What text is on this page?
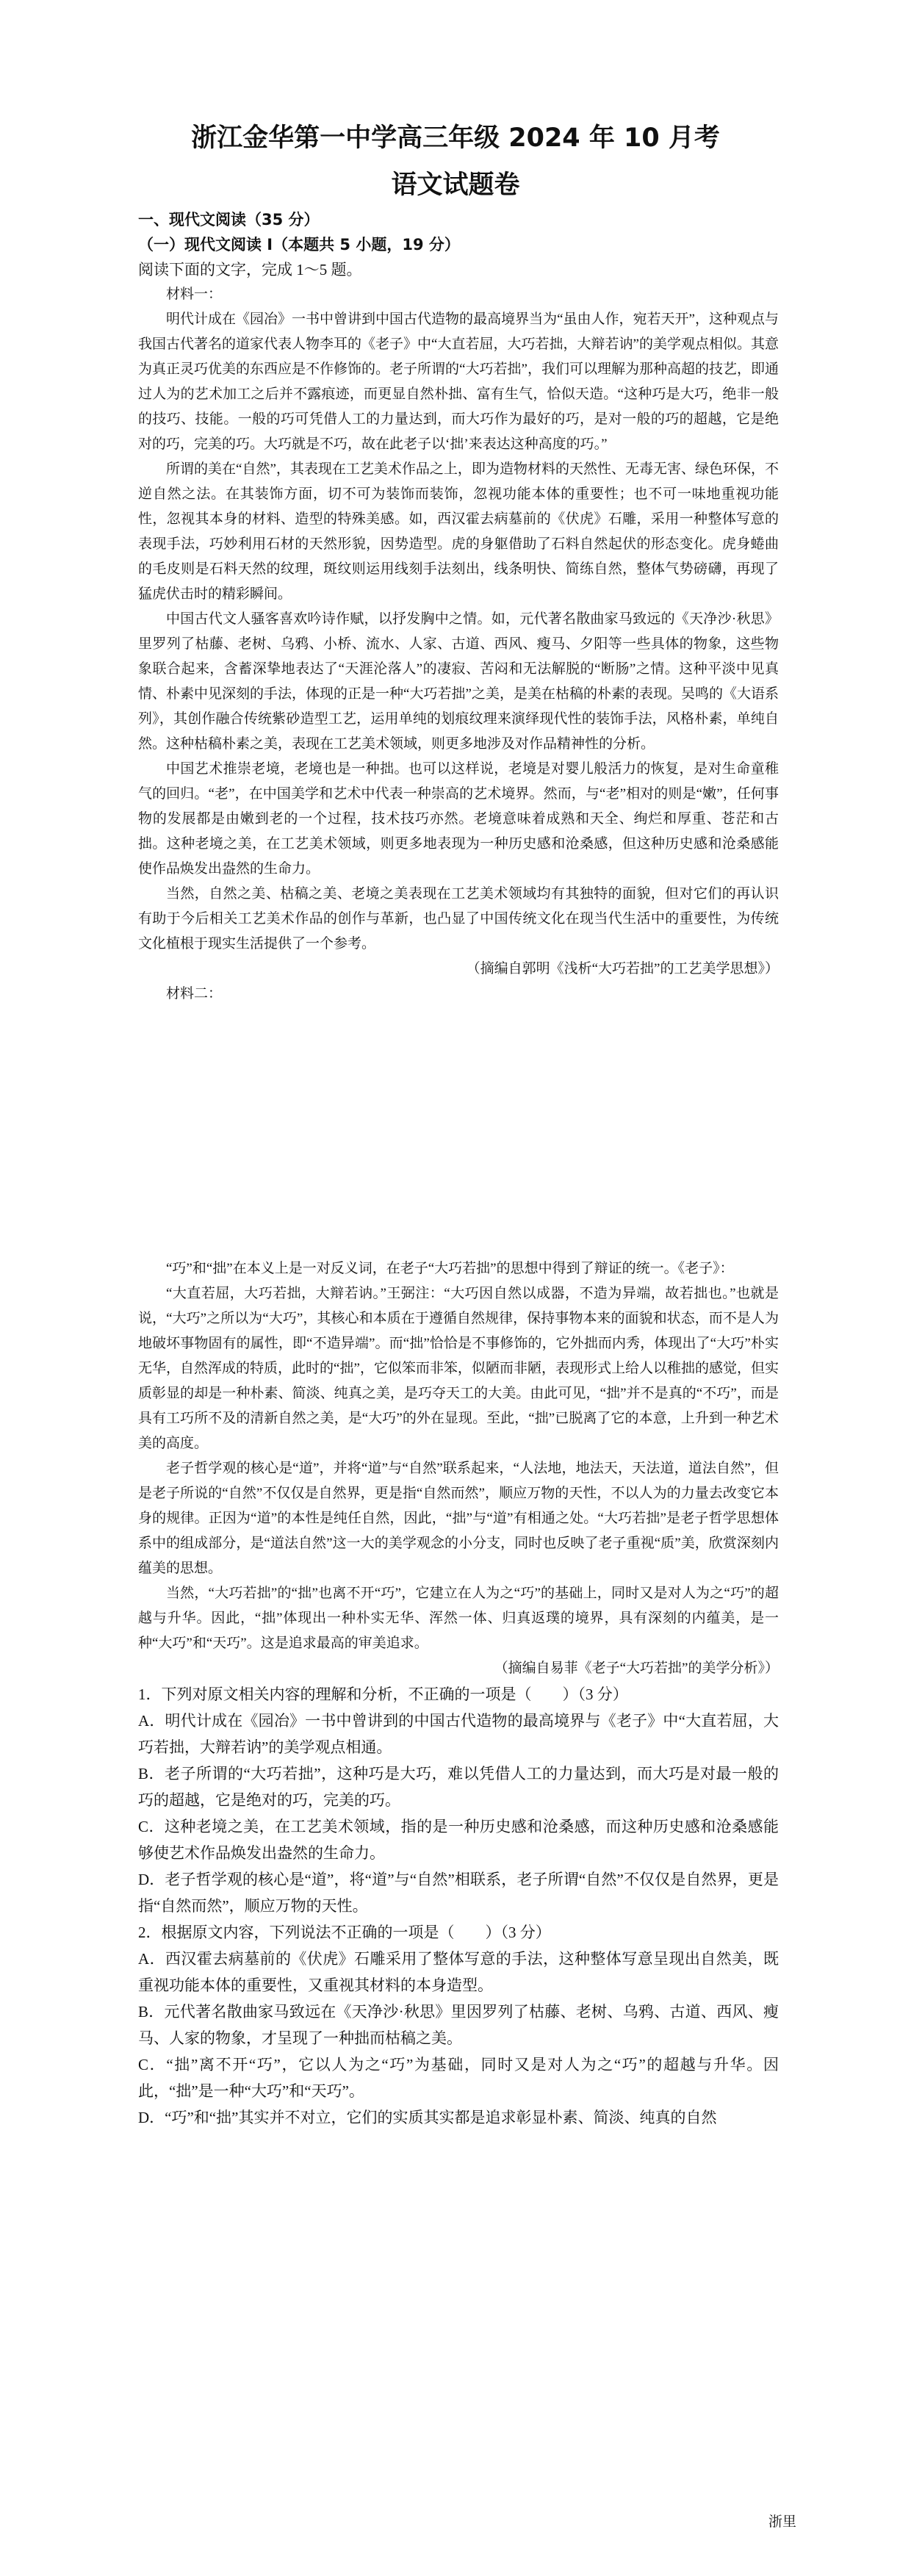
浙江金华第一中学高三年级 2024 年 10 月考
语文试题卷

一、现代文阅读（35 分）

（一）现代文阅读 I（本题共 5 小题，19 分）

阅读下面的文字，完成 1～5 题。

材料一：

明代计成在《园冶》一书中曾讲到中国古代造物的最高境界当为“虽由人作，宛若天开”，这种观点与我国古代著名的道家代表人物李耳的《老子》中“大直若屈，大巧若拙，大辩若讷”的美学观点相似。其意为真正灵巧优美的东西应是不作修饰的。老子所谓的“大巧若拙”，我们可以理解为那种高超的技艺，即通过人为的艺术加工之后并不露痕迹，而更显自然朴拙、富有生气，恰似天造。“这种巧是大巧，绝非一般的技巧、技能。一般的巧可凭借人工的力量达到，而大巧作为最好的巧，是对一般的巧的超越，它是绝对的巧，完美的巧。大巧就是不巧，故在此老子以‘拙’来表达这种高度的巧。”

所谓的美在“自然”，其表现在工艺美术作品之上，即为造物材料的天然性、无毒无害、绿色环保，不逆自然之法。在其装饰方面，切不可为装饰而装饰，忽视功能本体的重要性；也不可一味地重视功能性，忽视其本身的材料、造型的特殊美感。如，西汉霍去病墓前的《伏虎》石雕，采用一种整体写意的表现手法，巧妙利用石材的天然形貌，因势造型。虎的身躯借助了石料自然起伏的形态变化。虎身蜷曲的毛皮则是石料天然的纹理，斑纹则运用线刻手法刻出，线条明快、简练自然，整体气势磅礴，再现了猛虎伏击时的精彩瞬间。

中国古代文人骚客喜欢吟诗作赋，以抒发胸中之情。如，元代著名散曲家马致远的《天净沙·秋思》里罗列了枯藤、老树、乌鸦、小桥、流水、人家、古道、西风、瘦马、夕阳等一些具体的物象，这些物象联合起来，含蓄深挚地表达了“天涯沦落人”的凄寂、苦闷和无法解脱的“断肠”之情。这种平淡中见真情、朴素中见深刻的手法，体现的正是一种“大巧若拙”之美，是美在枯稿的朴素的表现。吴鸣的《大语系列》，其创作融合传统紫砂造型工艺，运用单纯的划痕纹理来演绎现代性的装饰手法，风格朴素，单纯自然。这种枯稿朴素之美，表现在工艺美术领域，则更多地涉及对作品精神性的分析。

中国艺术推崇老境，老境也是一种拙。也可以这样说，老境是对婴儿般活力的恢复，是对生命童稚气的回归。“老”，在中国美学和艺术中代表一种崇高的艺术境界。然而，与“老”相对的则是“嫩”，任何事物的发展都是由嫩到老的一个过程，技术技巧亦然。老境意味着成熟和天全、绚烂和厚重、苍茫和古拙。这种老境之美，在工艺美术领域，则更多地表现为一种历史感和沧桑感，但这种历史感和沧桑感能使作品焕发出盎然的生命力。

当然，自然之美、枯稿之美、老境之美表现在工艺美术领域均有其独特的面貌，但对它们的再认识有助于今后相关工艺美术作品的创作与革新，也凸显了中国传统文化在现当代生活中的重要性，为传统文化植根于现实生活提供了一个参考。

（摘编自郭明《浅析“大巧若拙”的工艺美学思想》）

材料二：

“巧”和“拙”在本义上是一对反义词，在老子“大巧若拙”的思想中得到了辩证的统一。《老子》：

“大直若屈，大巧若拙，大辩若讷。”王弼注：“大巧因自然以成器，不造为异端，故若拙也。”也就是说，“大巧”之所以为“大巧”，其核心和本质在于遵循自然规律，保持事物本来的面貌和状态，而不是人为地破坏事物固有的属性，即“不造异端”。而“拙”恰恰是不事修饰的，它外拙而内秀，体现出了“大巧”朴实无华，自然浑成的特质，此时的“拙”，它似笨而非笨，似陋而非陋，表现形式上给人以稚拙的感觉，但实质彰显的却是一种朴素、简淡、纯真之美，是巧夺天工的大美。由此可见，“拙”并不是真的“不巧”，而是具有工巧所不及的清新自然之美，是“大巧”的外在显现。至此，“拙”已脱离了它的本意，上升到一种艺术美的高度。

老子哲学观的核心是“道”，并将“道”与“自然”联系起来，“人法地，地法天，天法道，道法自然”，但是老子所说的“自然”不仅仅是自然界，更是指“自然而然”，顺应万物的天性，不以人为的力量去改变它本身的规律。正因为“道”的本性是纯任自然，因此，“拙”与“道”有相通之处。“大巧若拙”是老子哲学思想体系中的组成部分，是“道法自然”这一大的美学观念的小分支，同时也反映了老子重视“质”美，欣赏深刻内蕴美的思想。

当然，“大巧若拙”的“拙”也离不开“巧”，它建立在人为之“巧”的基础上，同时又是对人为之“巧”的超越与升华。因此，“拙”体现出一种朴实无华、浑然一体、归真返璞的境界，具有深刻的内蕴美，是一种“大巧”和“天巧”。这是追求最高的审美追求。

（摘编自易菲《老子“大巧若拙”的美学分析》）

1．下列对原文相关内容的理解和分析，不正确的一项是（　　）（3 分）

A．明代计成在《园冶》一书中曾讲到的中国古代造物的最高境界与《老子》中“大直若屈，大巧若拙，大辩若讷”的美学观点相通。

B．老子所谓的“大巧若拙”，这种巧是大巧，难以凭借人工的力量达到，而大巧是对最一般的巧的超越，它是绝对的巧，完美的巧。

C．这种老境之美，在工艺美术领域，指的是一种历史感和沧桑感，而这种历史感和沧桑感能够使艺术作品焕发出盎然的生命力。

D．老子哲学观的核心是“道”，将“道”与“自然”相联系，老子所谓“自然”不仅仅是自然界，更是指“自然而然”，顺应万物的天性。

2．根据原文内容，下列说法不正确的一项是（　　）（3 分）

A．西汉霍去病墓前的《伏虎》石雕采用了整体写意的手法，这种整体写意呈现出自然美，既重视功能本体的重要性，又重视其材料的本身造型。

B．元代著名散曲家马致远在《天净沙·秋思》里因罗列了枯藤、老树、乌鸦、古道、西风、瘦马、人家的物象，才呈现了一种拙而枯稿之美。

C．“拙”离不开“巧”，它以人为之“巧”为基础，同时又是对人为之“巧”的超越与升华。因此，“拙”是一种“大巧”和“天巧”。

D．“巧”和“拙”其实并不对立，它们的实质其实都是追求彰显朴素、简淡、纯真的自然

浙里
